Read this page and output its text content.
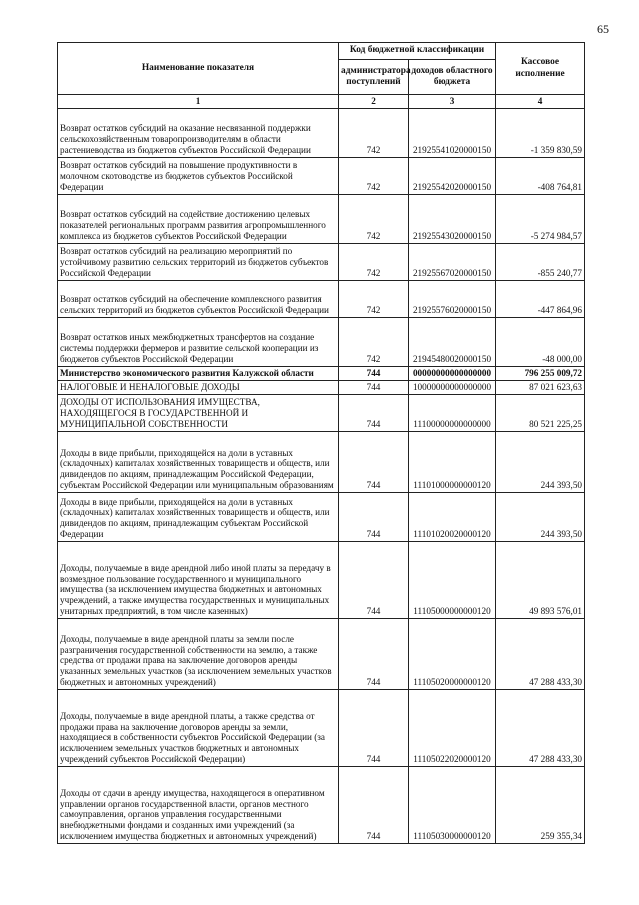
65
Наименование показателя	Код бюджетной классификации		Кассовое исполнение
	администратора поступлений	доходов областного бюджета	
1	2	3	4
Возврат остатков субсидий на оказание несвязанной поддержки сельскохозяйственным товаропроизводителям в области растениеводства из бюджетов субъектов Российской Федерации	742	21925541020000150	-1 359 830,59
Возврат остатков субсидий на повышение продуктивности в молочном скотоводстве из бюджетов субъектов Российской Федерации	742	21925542020000150	-408 764,81
Возврат остатков субсидий на содействие достижению целевых показателей региональных программ развития агропромышленного комплекса из бюджетов субъектов Российской Федерации	742	21925543020000150	-5 274 984,57
Возврат остатков субсидий на реализацию мероприятий по устойчивому развитию сельских территорий из бюджетов субъектов Российской Федерации	742	21925567020000150	-855 240,77
Возврат остатков субсидий на обеспечение комплексного развития сельских территорий из бюджетов субъектов Российской Федерации	742	21925576020000150	-447 864,96
Возврат остатков иных межбюджетных трансфертов на создание системы поддержки фермеров и развитие сельской кооперации из бюджетов субъектов Российской Федерации	742	21945480020000150	-48 000,00
Министерство экономического развития Калужской области	744	00000000000000000	796 255 009,72
НАЛОГОВЫЕ И НЕНАЛОГОВЫЕ ДОХОДЫ	744	10000000000000000	87 021 623,63
ДОХОДЫ ОТ ИСПОЛЬЗОВАНИЯ ИМУЩЕСТВА, НАХОДЯЩЕГОСЯ В ГОСУДАРСТВЕННОЙ И МУНИЦИПАЛЬНОЙ СОБСТВЕННОСТИ	744	11100000000000000	80 521 225,25
Доходы в виде прибыли, приходящейся на доли в уставных (складочных) капиталах хозяйственных товариществ и обществ, или дивидендов по акциям, принадлежащим Российской Федерации, субъектам Российской Федерации или муниципальным образованиям	744	11101000000000120	244 393,50
Доходы в виде прибыли, приходящейся на доли в уставных (складочных) капиталах хозяйственных товариществ и обществ, или дивидендов по акциям, принадлежащим субъектам Российской Федерации	744	11101020020000120	244 393,50
Доходы, получаемые в виде арендной либо иной платы за передачу в возмездное пользование государственного и муниципального имущества (за исключением имущества бюджетных и автономных учреждений, а также имущества государственных и муниципальных унитарных предприятий, в том числе казенных)	744	11105000000000120	49 893 576,01
Доходы, получаемые в виде арендной платы за земли после разграничения государственной собственности на землю, а также средства от продажи права на заключение договоров аренды указанных земельных участков (за исключением земельных участков бюджетных и автономных учреждений)	744	11105020000000120	47 288 433,30
Доходы, получаемые в виде арендной платы, а также средства от продажи права на заключение договоров аренды за земли, находящиеся в собственности субъектов Российской Федерации (за исключением земельных участков бюджетных и автономных учреждений субъектов Российской Федерации)	744	11105022020000120	47 288 433,30
Доходы от сдачи в аренду имущества, находящегося в оперативном управлении органов государственной власти, органов местного самоуправления, органов управления государственными внебюджетными фондами и созданных ими учреждений (за исключением имущества бюджетных и автономных учреждений)	744	11105030000000120	259 355,34
